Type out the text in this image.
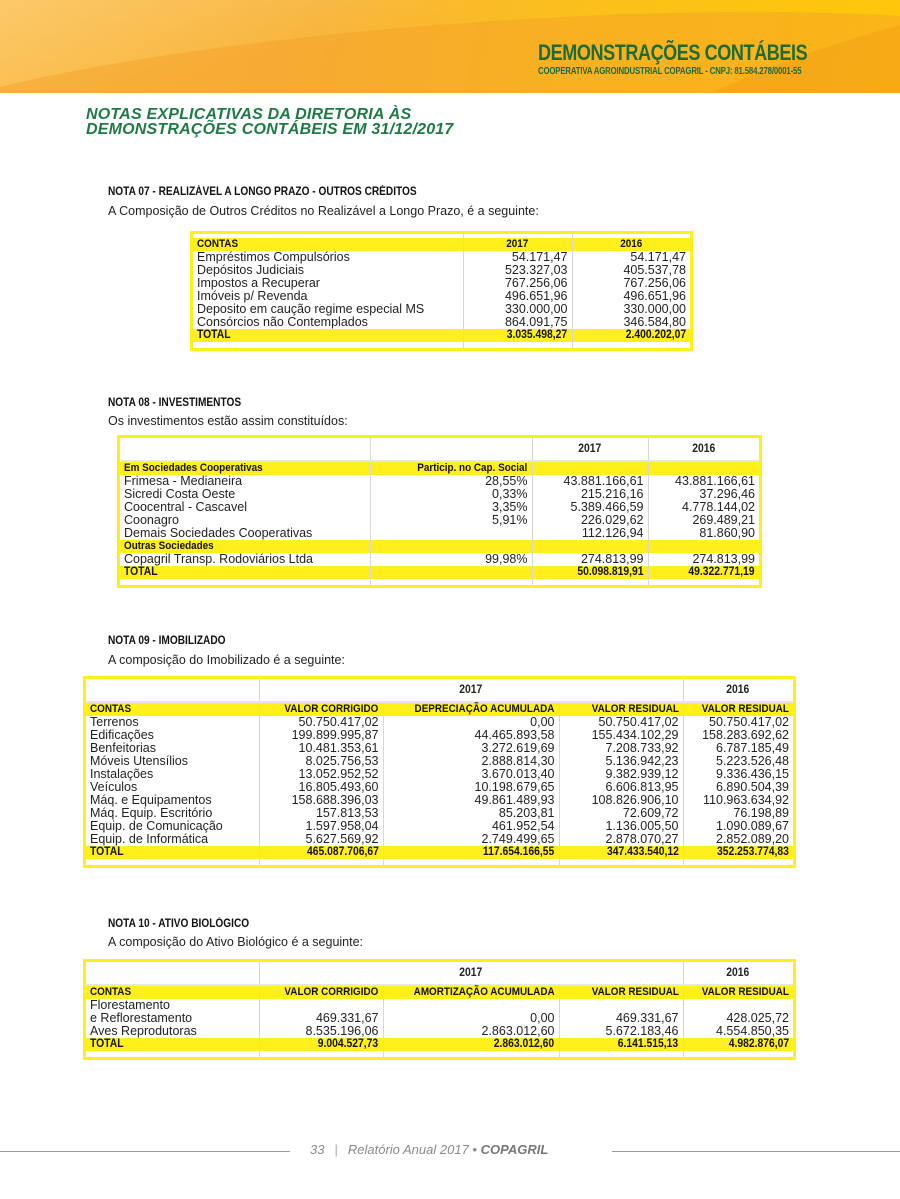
DEMONSTRAÇÕES CONTÁBEIS
COOPERATIVA AGROINDUSTRIAL COPAGRIL - CNPJ: 81.584.278/0001-55
NOTAS EXPLICATIVAS DA DIRETORIA ÀS
DEMONSTRAÇÕES CONTÁBEIS EM 31/12/2017
NOTA 07 - REALIZÁVEL A LONGO PRAZO - OUTROS CRÉDITOS
A Composição de Outros Créditos no Realizável a Longo Prazo, é a seguinte:

CONTAS	2017	2016
Empréstimos Compulsórios	54.171,47	54.171,47
Depósitos Judiciais	523.327,03	405.537,78
Impostos a Recuperar	767.256,06	767.256,06
Imóveis p/ Revenda	496.651,96	496.651,96
Deposito em caução regime especial MS	330.000,00	330.000,00
Consórcios não Contemplados	864.091,75	346.584,80
TOTAL	3.035.498,27	2.400.202,07

NOTA 08 - INVESTIMENTOS
Os investimentos estão assim constituídos:
		2017	2016
Em Sociedades Cooperativas	Particip. no Cap. Social		
Frimesa - Medianeira	28,55%	43.881.166,61	43.881.166,61
Sicredi Costa Oeste	0,33%	215.216,16	37.296,46
Coocentral - Cascavel	3,35%	5.389.466,59	4.778.144,02
Coonagro	5,91%	226.029,62	269.489,21
Demais Sociedades Cooperativas		112.126,94	81.860,90
Outras Sociedades			
Copagril Transp. Rodoviários Ltda	99,98%	274.813,99	274.813,99
TOTAL		50.098.819,91	49.322.771,19

NOTA 09 - IMOBILIZADO
A composição do Imobilizado é a seguinte:
	2017			2016
CONTAS	VALOR CORRIGIDO	DEPRECIAÇÃO ACUMULADA	VALOR RESIDUAL	VALOR RESIDUAL
Terrenos	50.750.417,02	0,00	50.750.417,02	50.750.417,02
Edificações	199.899.995,87	44.465.893,58	155.434.102,29	158.283.692,62
Benfeitorias	10.481.353,61	3.272.619,69	7.208.733,92	6.787.185,49
Móveis Utensílios	8.025.756,53	2.888.814,30	5.136.942,23	5.223.526,48
Instalações	13.052.952,52	3.670.013,40	9.382.939,12	9.336.436,15
Veículos	16.805.493,60	10.198.679,65	6.606.813,95	6.890.504,39
Máq. e Equipamentos	158.688.396,03	49.861.489,93	108.826.906,10	110.963.634,92
Máq. Equip. Escritório	157.813,53	85.203,81	72.609,72	76.198,89
Equip. de Comunicação	1.597.958,04	461.952,54	1.136.005,50	1.090.089,67
Equip. de Informática	5.627.569,92	2.749.499,65	2.878.070,27	2.852.089,20
TOTAL	465.087.706,67	117.654.166,55	347.433.540,12	352.253.774,83

NOTA 10 - ATIVO BIOLÓGICO
A composição do Ativo Biológico é a seguinte:
	2017			2016
CONTAS	VALOR CORRIGIDO	AMORTIZAÇÃO ACUMULADA	VALOR RESIDUAL	VALOR RESIDUAL
Florestamento				
e Reflorestamento	469.331,67	0,00	469.331,67	428.025,72
Aves Reprodutoras	8.535.196,06	2.863.012,60	5.672.183,46	4.554.850,35
TOTAL	9.004.527,73	2.863.012,60	6.141.515,13	4.982.876,07

33 | Relatório Anual 2017 • COPAGRIL
